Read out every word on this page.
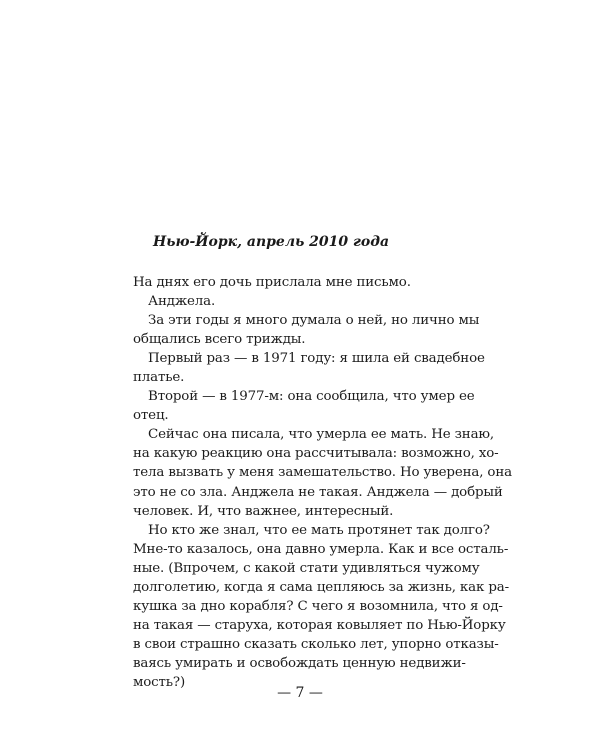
Нью-Йорк, апрель 2010 года
На днях его дочь прислала мне письмо.
Анджела.
За эти годы я много думала о ней, но лично мы
общались всего трижды.
Первый раз — в 1971 году: я шила ей свадебное
платье.
Второй — в 1977-м: она сообщила, что умер ее
отец.
Сейчас она писала, что умерла ее мать. Не знаю,
на какую реакцию она рассчитывала: возможно, хо-
тела вызвать у меня замешательство. Но уверена, она
это не со зла. Анджела не такая. Анджела — добрый
человек. И, что важнее, интересный.
Но кто же знал, что ее мать протянет так долго?
Мне-то казалось, она давно умерла. Как и все осталь-
ные. (Впрочем, с какой стати удивляться чужому
долголетию, когда я сама цепляюсь за жизнь, как ра-
кушка за дно корабля? С чего я возомнила, что я од-
на такая — старуха, которая ковыляет по Нью-Йорку
в свои страшно сказать сколько лет, упорно отказы-
ваясь умирать и освобождать ценную недвижи-
мость?)
— 7 —
